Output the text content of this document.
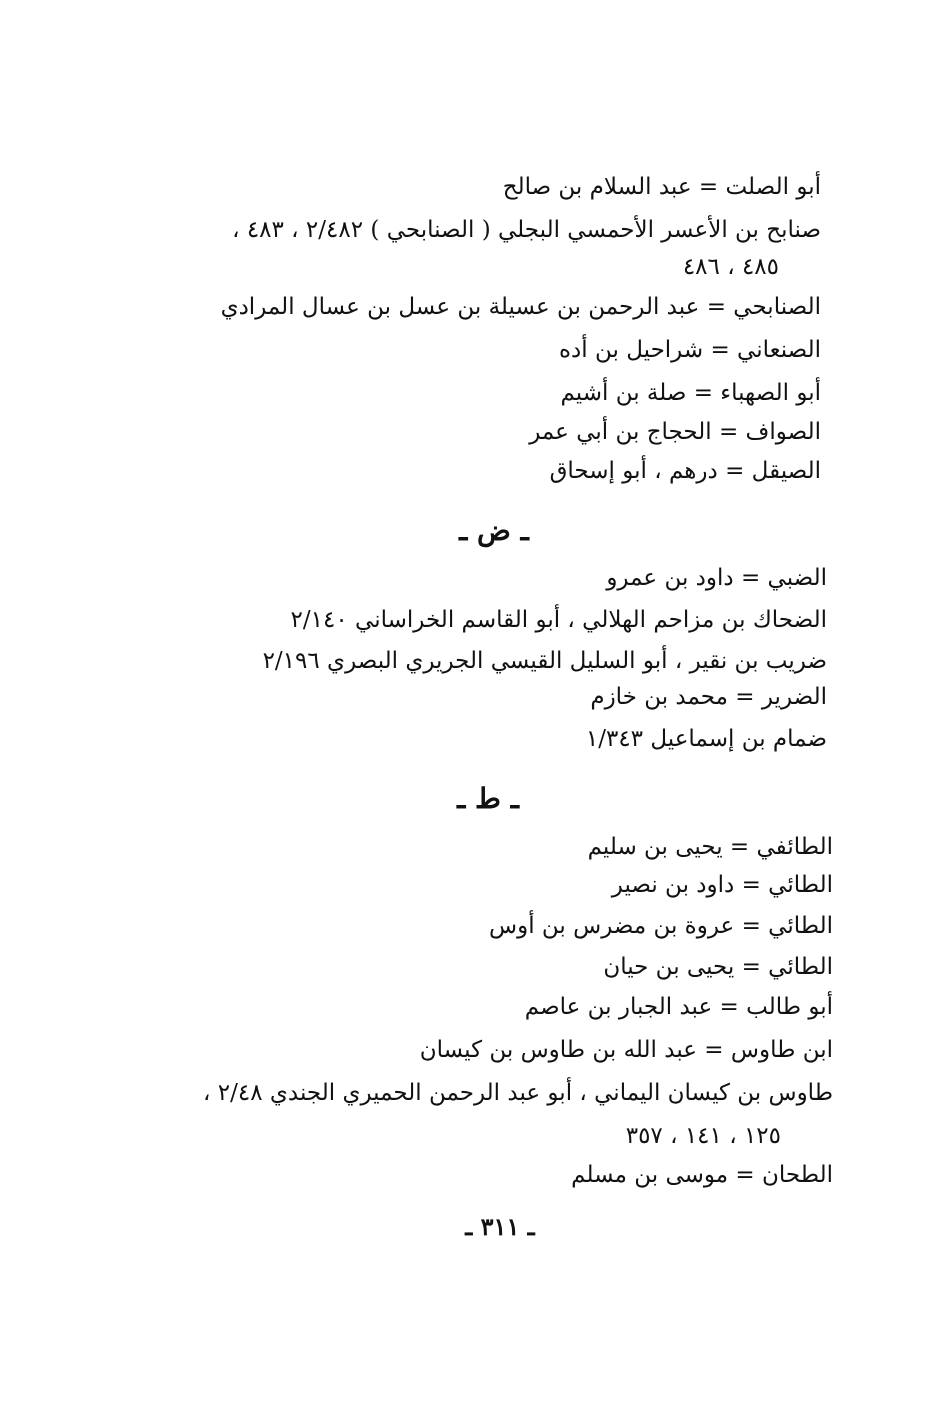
أبو الصلت = عبد السلام بن صالح
صنابح بن الأعسر الأحمسي البجلي ( الصنابحي ) ٢/٤٨٢ ، ٤٨٣ ،
٤٨٥ ، ٤٨٦
الصنابحي = عبد الرحمن بن عسيلة بن عسل بن عسال المرادي
الصنعاني = شراحيل بن أده
أبو الصهباء = صلة بن أشيم
الصواف = الحجاج بن أبي عمر
الصيقل = درهم ، أبو إسحاق
ـ ض ـ
الضبي = داود بن عمرو
الضحاك بن مزاحم الهلالي ، أبو القاسم الخراساني ٢/١٤٠
ضريب بن نقير ، أبو السليل القيسي الجريري البصري ٢/١٩٦
الضرير = محمد بن خازم
ضمام بن إسماعيل ١/٣٤٣
ـ ط ـ
الطائفي = يحيى بن سليم
الطائي = داود بن نصير
الطائي = عروة بن مضرس بن أوس
الطائي = يحيى بن حيان
أبو طالب = عبد الجبار بن عاصم
ابن طاوس = عبد الله بن طاوس بن كيسان
طاوس بن كيسان اليماني ، أبو عبد الرحمن الحميري الجندي ٢/٤٨ ،
١٢٥ ، ١٤١ ، ٣٥٧
الطحان = موسى بن مسلم
ـ ٣١١ ـ
